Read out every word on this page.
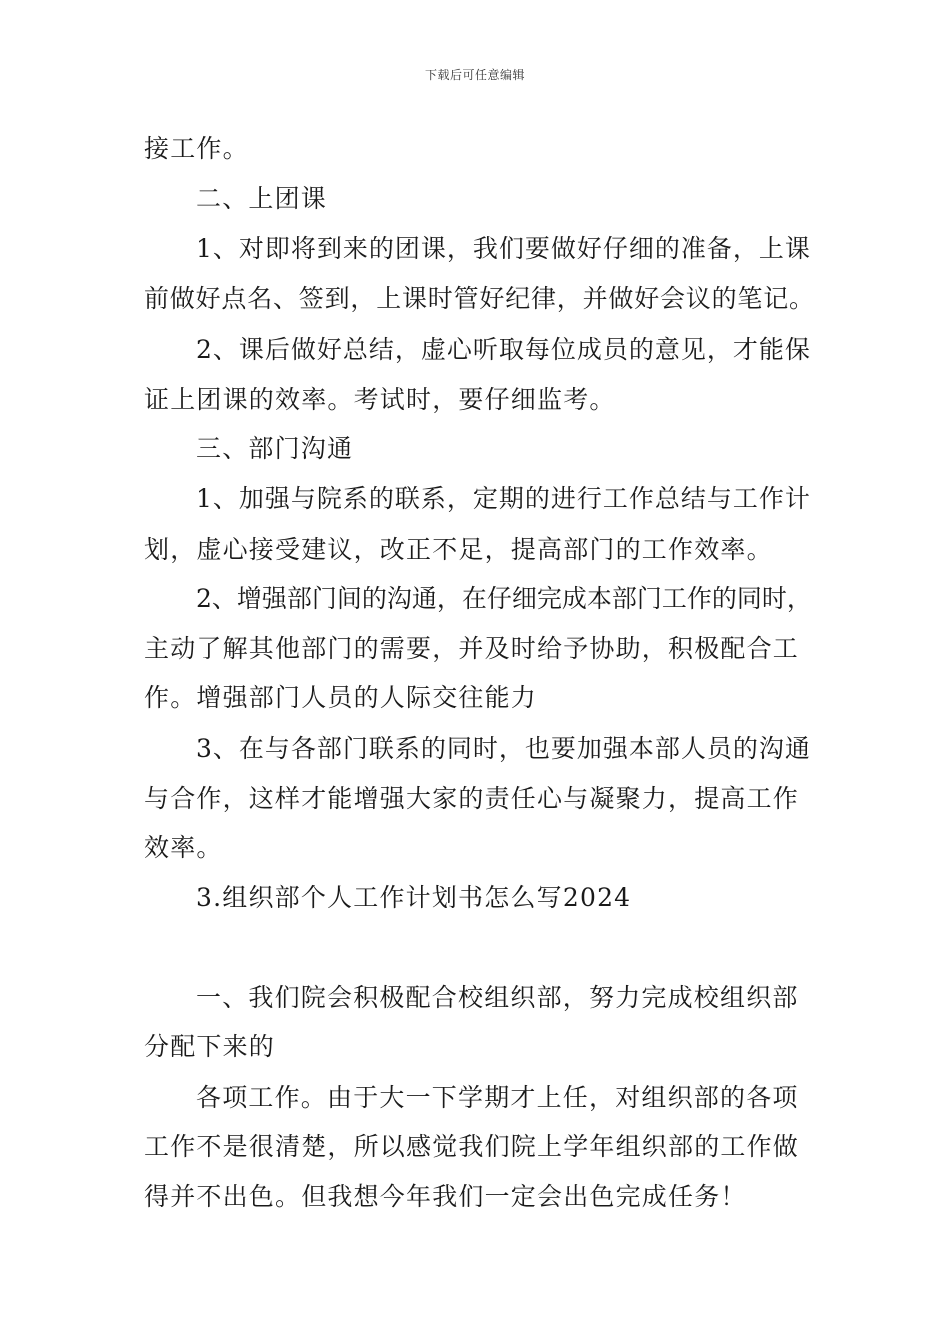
下载后可任意编辑
接工作。
二、上团课
1、对即将到来的团课，我们要做好仔细的准备，上课
前做好点名、签到，上课时管好纪律，并做好会议的笔记。
2、课后做好总结，虚心听取每位成员的意见，才能保
证上团课的效率。考试时，要仔细监考。
三、部门沟通
1、加强与院系的联系，定期的进行工作总结与工作计
划，虚心接受建议，改正不足，提高部门的工作效率。
2、增强部门间的沟通，在仔细完成本部门工作的同时，
主动了解其他部门的需要，并及时给予协助，积极配合工
作。增强部门人员的人际交往能力
3、在与各部门联系的同时，也要加强本部人员的沟通
与合作，这样才能增强大家的责任心与凝聚力，提高工作
效率。
3.组织部个人工作计划书怎么写2024
一、我们院会积极配合校组织部，努力完成校组织部
分配下来的
各项工作。由于大一下学期才上任，对组织部的各项
工作不是很清楚，所以感觉我们院上学年组织部的工作做
得并不出色。但我想今年我们一定会出色完成任务！
